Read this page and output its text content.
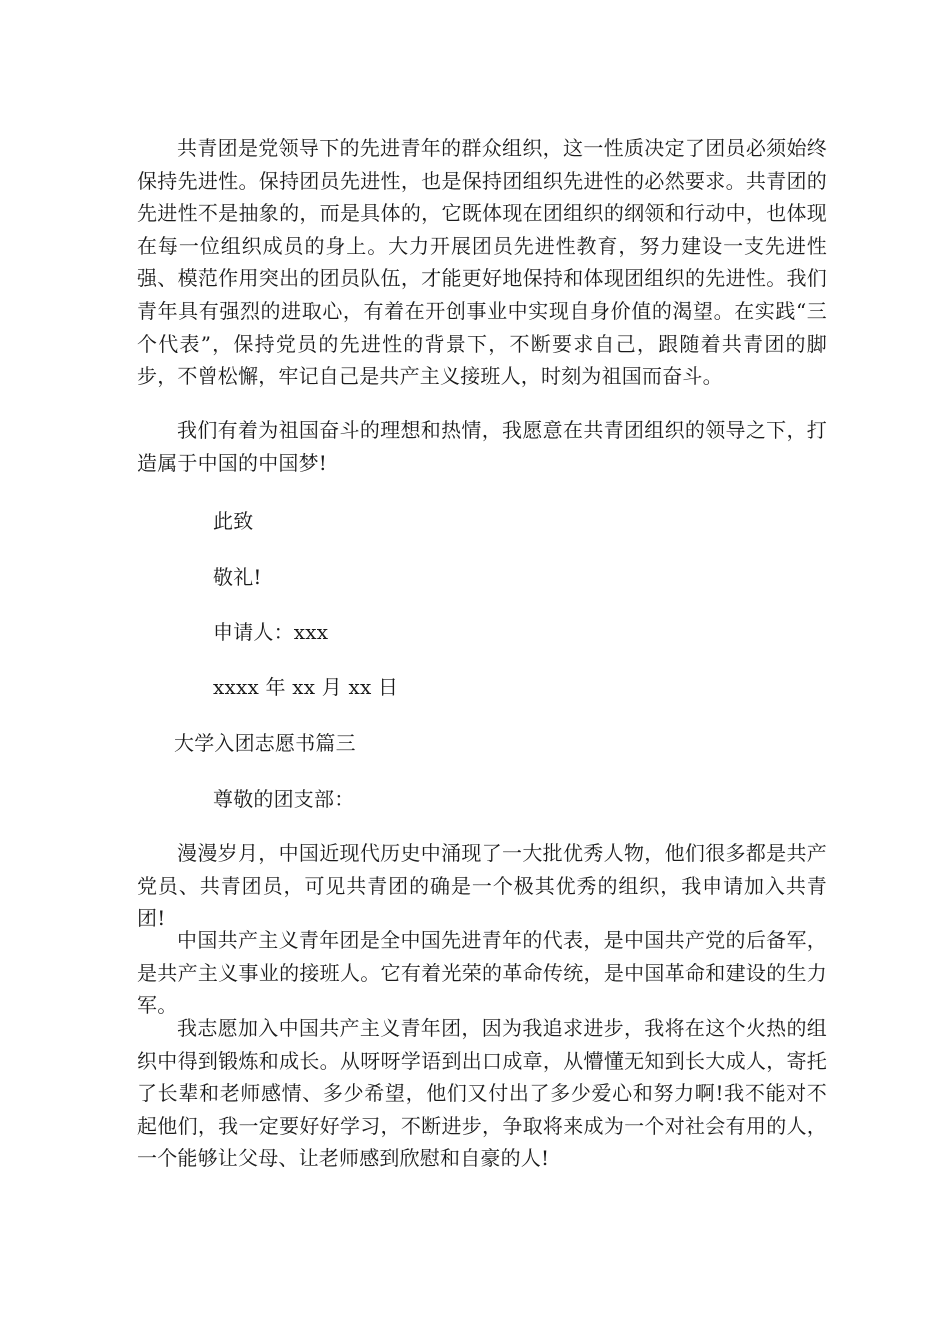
共青团是党领导下的先进青年的群众组织，这一性质决定了团员必须始终保持先进性。保持团员先进性，也是保持团组织先进性的必然要求。共青团的先进性不是抽象的，而是具体的，它既体现在团组织的纲领和行动中，也体现在每一位组织成员的身上。大力开展团员先进性教育，努力建设一支先进性强、模范作用突出的团员队伍，才能更好地保持和体现团组织的先进性。我们青年具有强烈的进取心，有着在开创事业中实现自身价值的渴望。在实践“三个代表”，保持党员的先进性的背景下，不断要求自己，跟随着共青团的脚步，不曾松懈，牢记自己是共产主义接班人，时刻为祖国而奋斗。

我们有着为祖国奋斗的理想和热情，我愿意在共青团组织的领导之下，打造属于中国的中国梦!

此致

敬礼!

申请人：xxx

xxxx 年 xx 月 xx 日

大学入团志愿书篇三

尊敬的团支部：

漫漫岁月，中国近现代历史中涌现了一大批优秀人物，他们很多都是共产党员、共青团员，可见共青团的确是一个极其优秀的组织，我申请加入共青团!

中国共产主义青年团是全中国先进青年的代表，是中国共产党的后备军，是共产主义事业的接班人。它有着光荣的革命传统，是中国革命和建设的生力军。

我志愿加入中国共产主义青年团，因为我追求进步，我将在这个火热的组织中得到锻炼和成长。从呀呀学语到出口成章，从懵懂无知到长大成人，寄托了长辈和老师感情、多少希望，他们又付出了多少爱心和努力啊!我不能对不起他们，我一定要好好学习，不断进步，争取将来成为一个对社会有用的人，一个能够让父母、让老师感到欣慰和自豪的人!
